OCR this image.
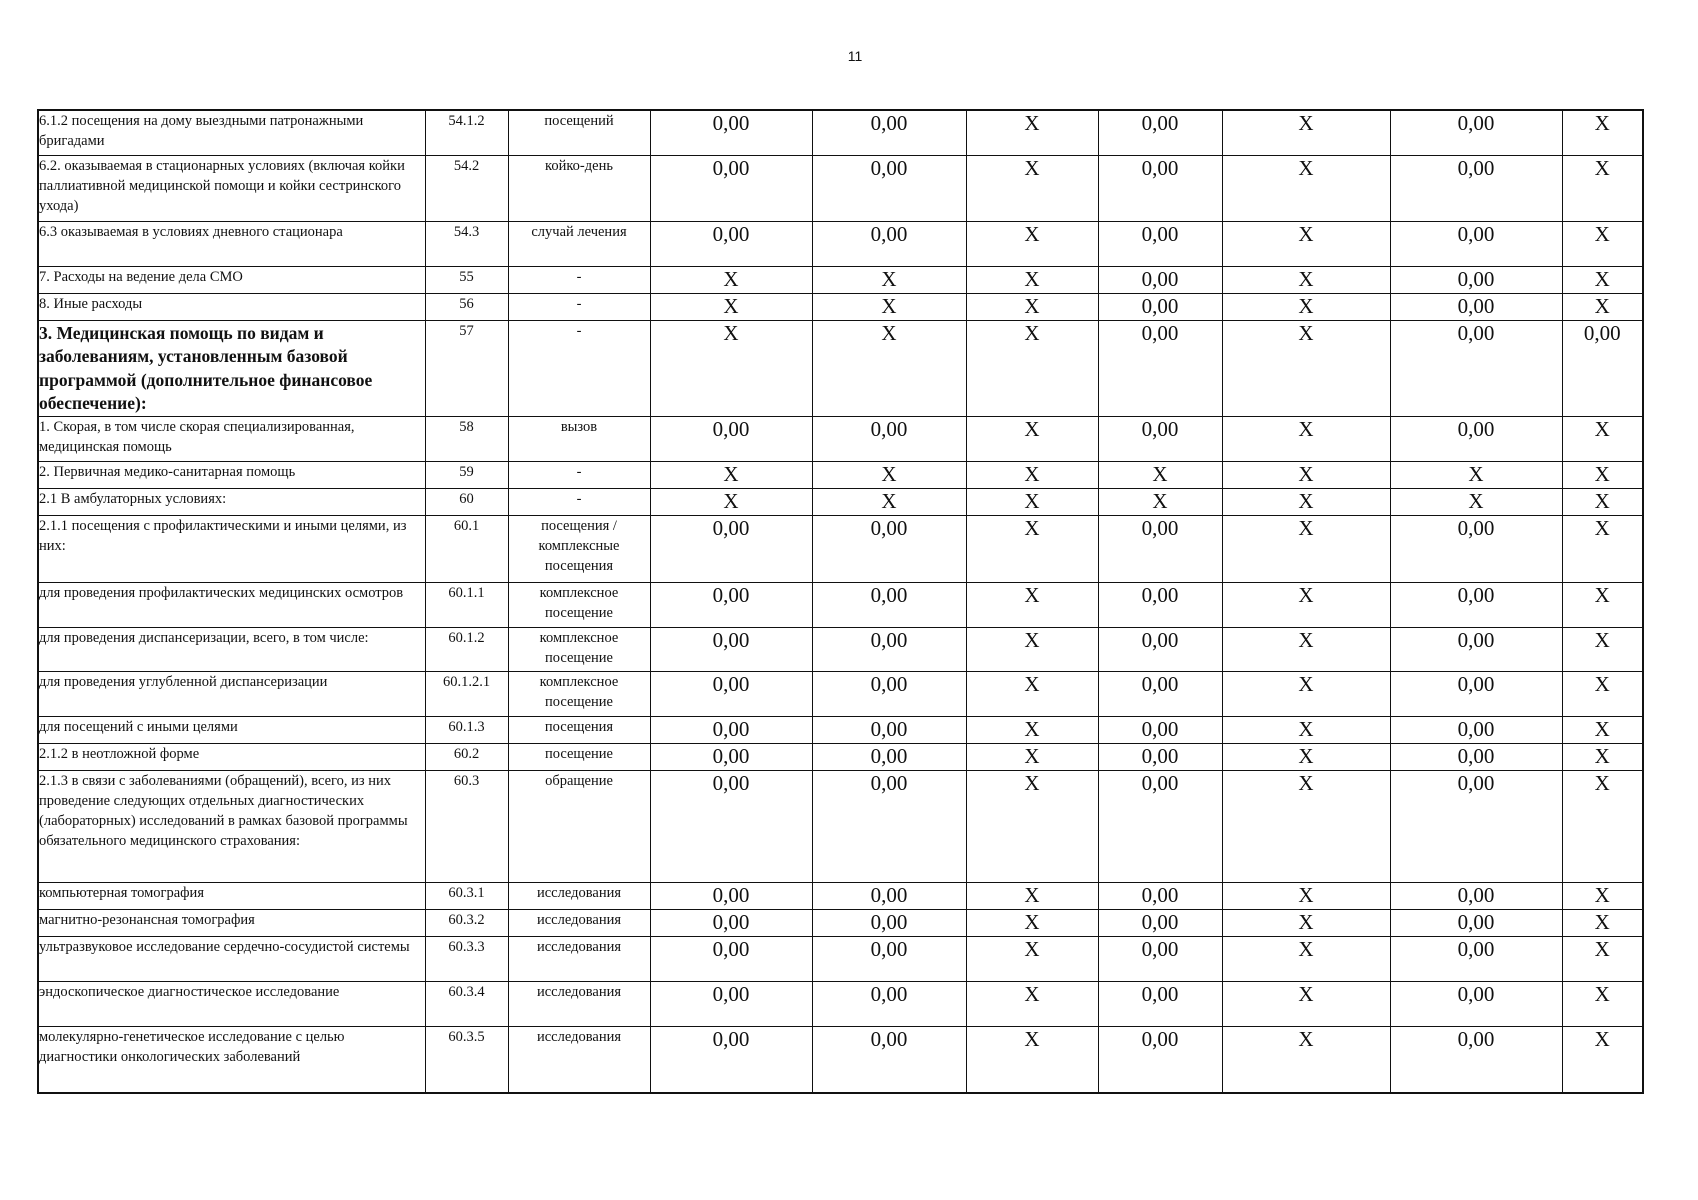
11
6.1.2 посещения на дому выездными патронажными бригадами	54.1.2	посещений	0,00	0,00	X	0,00	X	0,00	X
6.2. оказываемая в стационарных условиях (включая койки паллиативной медицинской помощи и койки сестринского ухода)	54.2	койко-день	0,00	0,00	X	0,00	X	0,00	X
6.3 оказываемая в условиях дневного стационара	54.3	случай лечения	0,00	0,00	X	0,00	X	0,00	X
7. Расходы на ведение дела СМО	55	-	X	X	X	0,00	X	0,00	X
8. Иные расходы	56	-	X	X	X	0,00	X	0,00	X
3. Медицинская помощь по видам и заболеваниям, установленным базовой программой (дополнительное финансовое обеспечение):	57	-	X	X	X	0,00	X	0,00	0,00
1. Скорая, в том числе скорая специализированная, медицинская помощь	58	вызов	0,00	0,00	X	0,00	X	0,00	X
2. Первичная медико-санитарная помощь	59	-	X	X	X	X	X	X	X
2.1 В амбулаторных условиях:	60	-	X	X	X	X	X	X	X
2.1.1 посещения с профилактическими и иными целями, из них:	60.1	посещения / комплексные посещения	0,00	0,00	X	0,00	X	0,00	X
для проведения профилактических медицинских осмотров	60.1.1	комплексное посещение	0,00	0,00	X	0,00	X	0,00	X
для проведения диспансеризации, всего, в том числе:	60.1.2	комплексное посещение	0,00	0,00	X	0,00	X	0,00	X
для проведения углубленной диспансеризации	60.1.2.1	комплексное посещение	0,00	0,00	X	0,00	X	0,00	X
для посещений с иными целями	60.1.3	посещения	0,00	0,00	X	0,00	X	0,00	X
2.1.2 в неотложной форме	60.2	посещение	0,00	0,00	X	0,00	X	0,00	X
2.1.3 в связи с заболеваниями (обращений), всего, из них проведение следующих отдельных диагностических (лабораторных) исследований в рамках базовой программы обязательного медицинского страхования:	60.3	обращение	0,00	0,00	X	0,00	X	0,00	X
компьютерная томография	60.3.1	исследования	0,00	0,00	X	0,00	X	0,00	X
магнитно-резонансная томография	60.3.2	исследования	0,00	0,00	X	0,00	X	0,00	X
ультразвуковое исследование сердечно-сосудистой системы	60.3.3	исследования	0,00	0,00	X	0,00	X	0,00	X
эндоскопическое диагностическое исследование	60.3.4	исследования	0,00	0,00	X	0,00	X	0,00	X
молекулярно-генетическое исследование с целью диагностики онкологических заболеваний	60.3.5	исследования	0,00	0,00	X	0,00	X	0,00	X
